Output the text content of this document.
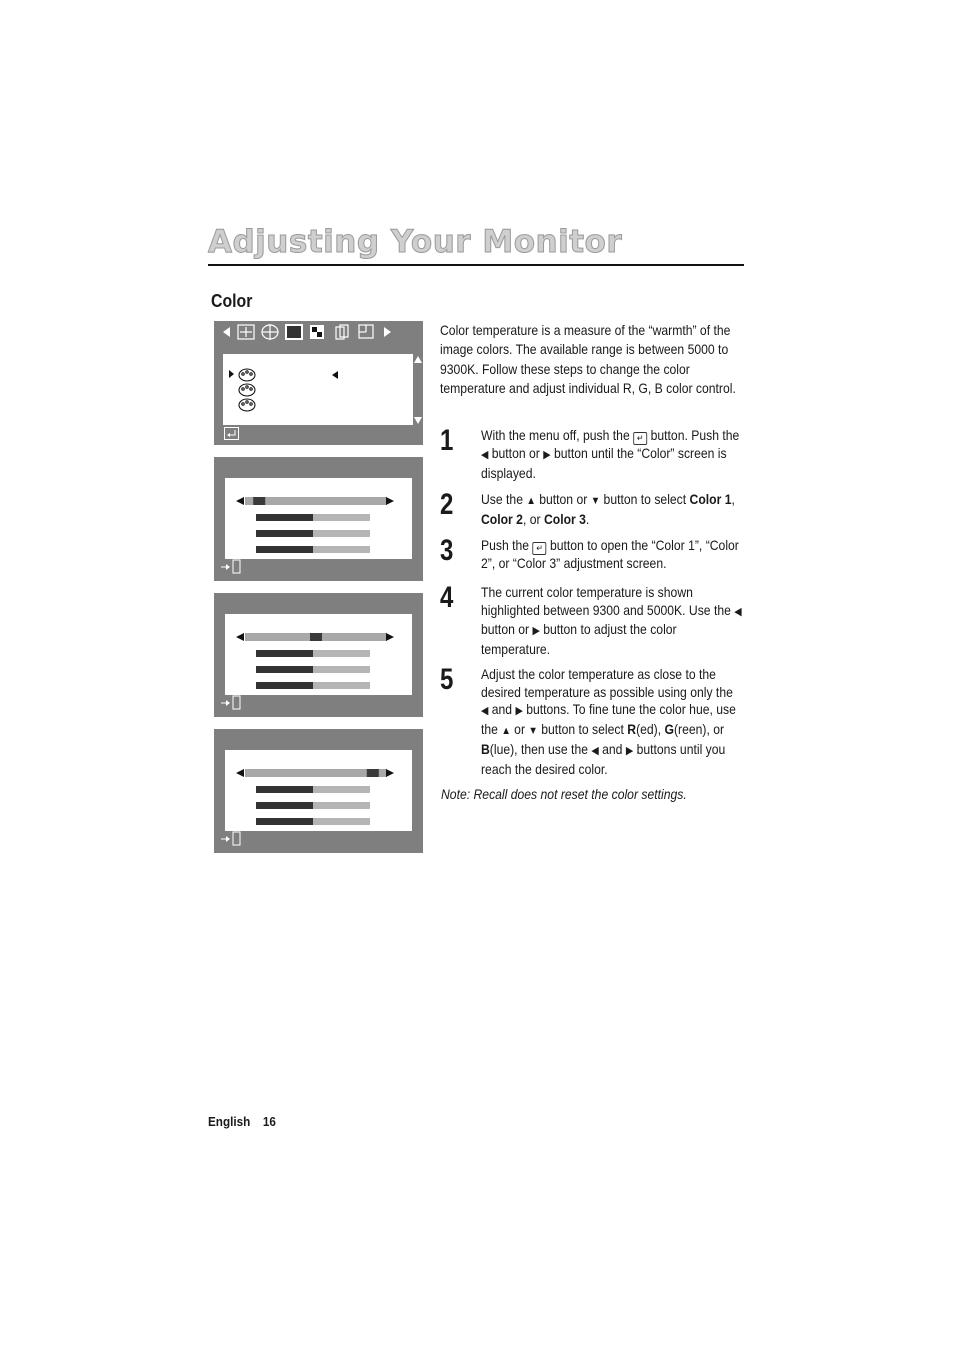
Adjusting Your Monitor
Color
Color temperature is a measure of the “warmth” of the image colors. The available range is between 5000 to 9300K. Follow these steps to change the color temperature and adjust individual R, G, B color control.
1 With the menu off, push the ↵ button. Push the ◀ button or ▶ button until the “Color” screen is displayed.
2 Use the ▲ button or ▼ button to select Color 1, Color 2, or Color 3.
3 Push the ↵ button to open the “Color 1”, “Color 2”, or “Color 3” adjustment screen.
4 The current color temperature is shown highlighted between 9300 and 5000K. Use the ◀ button or ▶ button to adjust the color temperature.
5 Adjust the color temperature as close to the desired temperature as possible using only the ◀ and ▶ buttons. To fine tune the color hue, use the ▲ or ▼ button to select R(ed), G(reen), or B(lue), then use the ◀ and ▶ buttons until you reach the desired color.
Note: Recall does not reset the color settings.
English 16
